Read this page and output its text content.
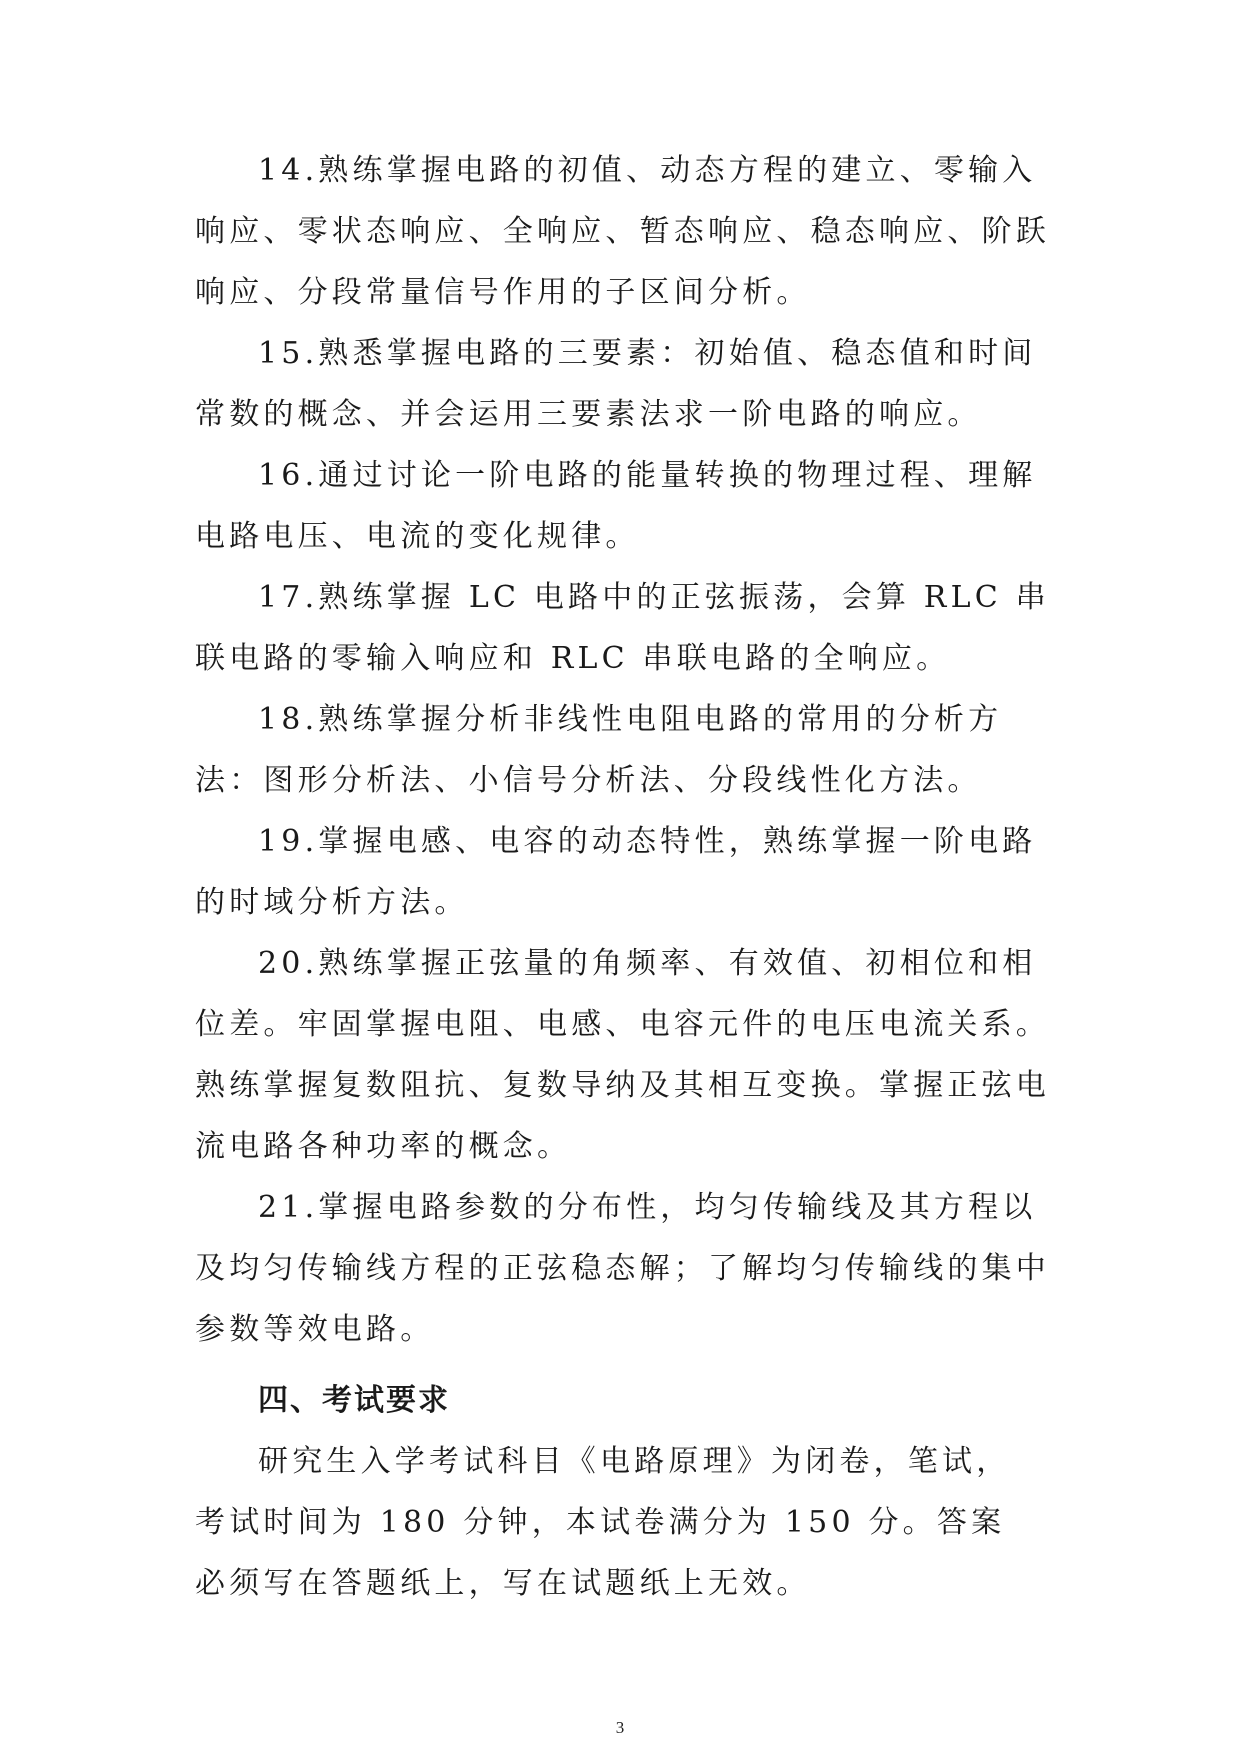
14.熟练掌握电路的初值、动态方程的建立、零输入响应、零状态响应、全响应、暂态响应、稳态响应、阶跃响应、分段常量信号作用的子区间分析。

15.熟悉掌握电路的三要素：初始值、稳态值和时间常数的概念、并会运用三要素法求一阶电路的响应。

16.通过讨论一阶电路的能量转换的物理过程、理解电路电压、电流的变化规律。

17.熟练掌握 LC 电路中的正弦振荡，会算 RLC 串联电路的零输入响应和 RLC 串联电路的全响应。

18.熟练掌握分析非线性电阻电路的常用的分析方法：图形分析法、小信号分析法、分段线性化方法。

19.掌握电感、电容的动态特性，熟练掌握一阶电路的时域分析方法。

20.熟练掌握正弦量的角频率、有效值、初相位和相位差。牢固掌握电阻、电感、电容元件的电压电流关系。熟练掌握复数阻抗、复数导纳及其相互变换。掌握正弦电流电路各种功率的概念。

21.掌握电路参数的分布性，均匀传输线及其方程以及均匀传输线方程的正弦稳态解；了解均匀传输线的集中参数等效电路。

四、考试要求

研究生入学考试科目《电路原理》为闭卷，笔试，考试时间为 180 分钟，本试卷满分为 150 分。答案必须写在答题纸上，写在试题纸上无效。

3
